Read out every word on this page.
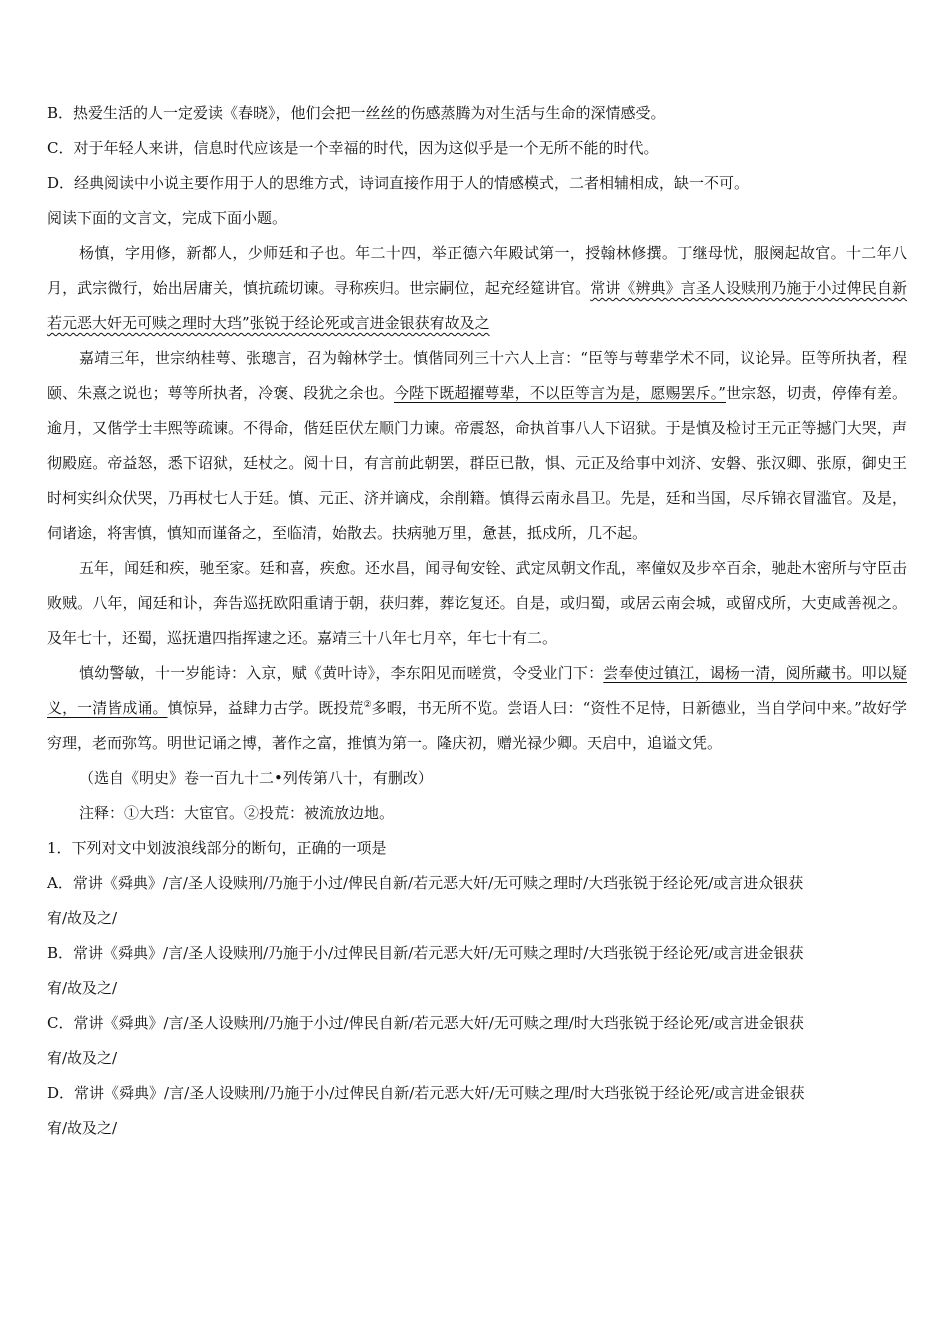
B．热爱生活的人一定爱读《春晓》，他们会把一丝丝的伤感蒸腾为对生活与生命的深情感受。

C．对于年轻人来讲，信息时代应该是一个幸福的时代，因为这似乎是一个无所不能的时代。

D．经典阅读中小说主要作用于人的思维方式，诗词直接作用于人的情感模式，二者相辅相成，缺一不可。

阅读下面的文言文，完成下面小题。

杨慎，字用修，新都人，少师廷和子也。年二十四，举正德六年殿试第一，授翰林修撰。丁继母忧，服阕起故官。十二年八月，武宗微行，始出居庸关，慎抗疏切谏。寻称疾归。世宗嗣位，起充经筵讲官。常讲《辨典》言圣人设赎刑乃施于小过俾民自新若元恶大奸无可赎之理时大珰”张锐于经论死或言进金银获宥故及之

嘉靖三年，世宗纳桂萼、张璁言，召为翰林学士。慎偕同列三十六人上言：“臣等与萼辈学术不同，议论异。臣等所执者，程颐、朱熹之说也；萼等所执者，冷褒、段犹之余也。今陛下既超擢萼辈，不以臣等言为是，愿赐罢斥。”世宗怒，切责，停俸有差。逾月，又偕学士丰熙等疏谏。不得命，偕廷臣伏左顺门力谏。帝震怒，命执首事八人下诏狱。于是慎及检讨王元正等撼门大哭，声彻殿庭。帝益怒，悉下诏狱，廷杖之。阅十日，有言前此朝罢，群臣已散，惧、元正及给事中刘济、安磐、张汉卿、张原，御史王时柯实纠众伏哭，乃再杖七人于廷。慎、元正、济并谪戍，余削籍。慎得云南永昌卫。先是，廷和当国，尽斥锦衣冒滥官。及是，伺诸途，将害慎，慎知而谨备之，至临清，始散去。扶病驰万里，惫甚，抵戍所，几不起。

五年，闻廷和疾，驰至家。廷和喜，疾愈。还水昌，闻寻甸安铨、武定凤朝文作乱，率僮奴及步卒百余，驰赴木密所与守臣击败贼。八年，闻廷和讣，奔告巡抚欧阳重请于朝，获归葬，葬讫复还。自是，或归蜀，或居云南会城，或留戍所，大吏咸善视之。及年七十，还蜀，巡抚遣四指挥逮之还。嘉靖三十八年七月卒，年七十有二。

慎幼警敏，十一岁能诗：入京，赋《黄叶诗》，李东阳见而嗟赏，令受业门下：尝奉使过镇江，谒杨一清，阅所藏书。叩以疑义，一清皆成诵。慎惊异，益肆力古学。既投荒②多暇，书无所不览。尝语人曰：“资性不足恃，日新德业，当自学问中来。”故好学穷理，老而弥笃。明世记诵之博，著作之富，推慎为第一。隆庆初，赠光禄少卿。天启中，追谥文凭。

（选自《明史》卷一百九十二•列传第八十，有删改）

注释：①大珰：大宦官。②投荒：被流放边地。

1．下列对文中划波浪线部分的断句，正确的一项是

A．常讲《舜典》/言/圣人设赎刑/乃施于小过/俾民自新/若元恶大奸/无可赎之理时/大珰张锐于经论死/或言进众银获

宥/故及之/

B．常讲《舜典》/言/圣人设赎刑/乃施于小/过俾民目新/若元恶大奸/无可赎之理时/大珰张锐于经论死/或言进金银获

宥/故及之/

C．常讲《舜典》/言/圣人设赎刑/乃施于小过/俾民自新/若元恶大奸/无可赎之理/时大珰张锐于经论死/或言进金银获

宥/故及之/

D．常讲《舜典》/言/圣人设赎刑/乃施于小/过俾民自新/若元恶大奸/无可赎之理/时大珰张锐于经论死/或言进金银获

宥/故及之/
